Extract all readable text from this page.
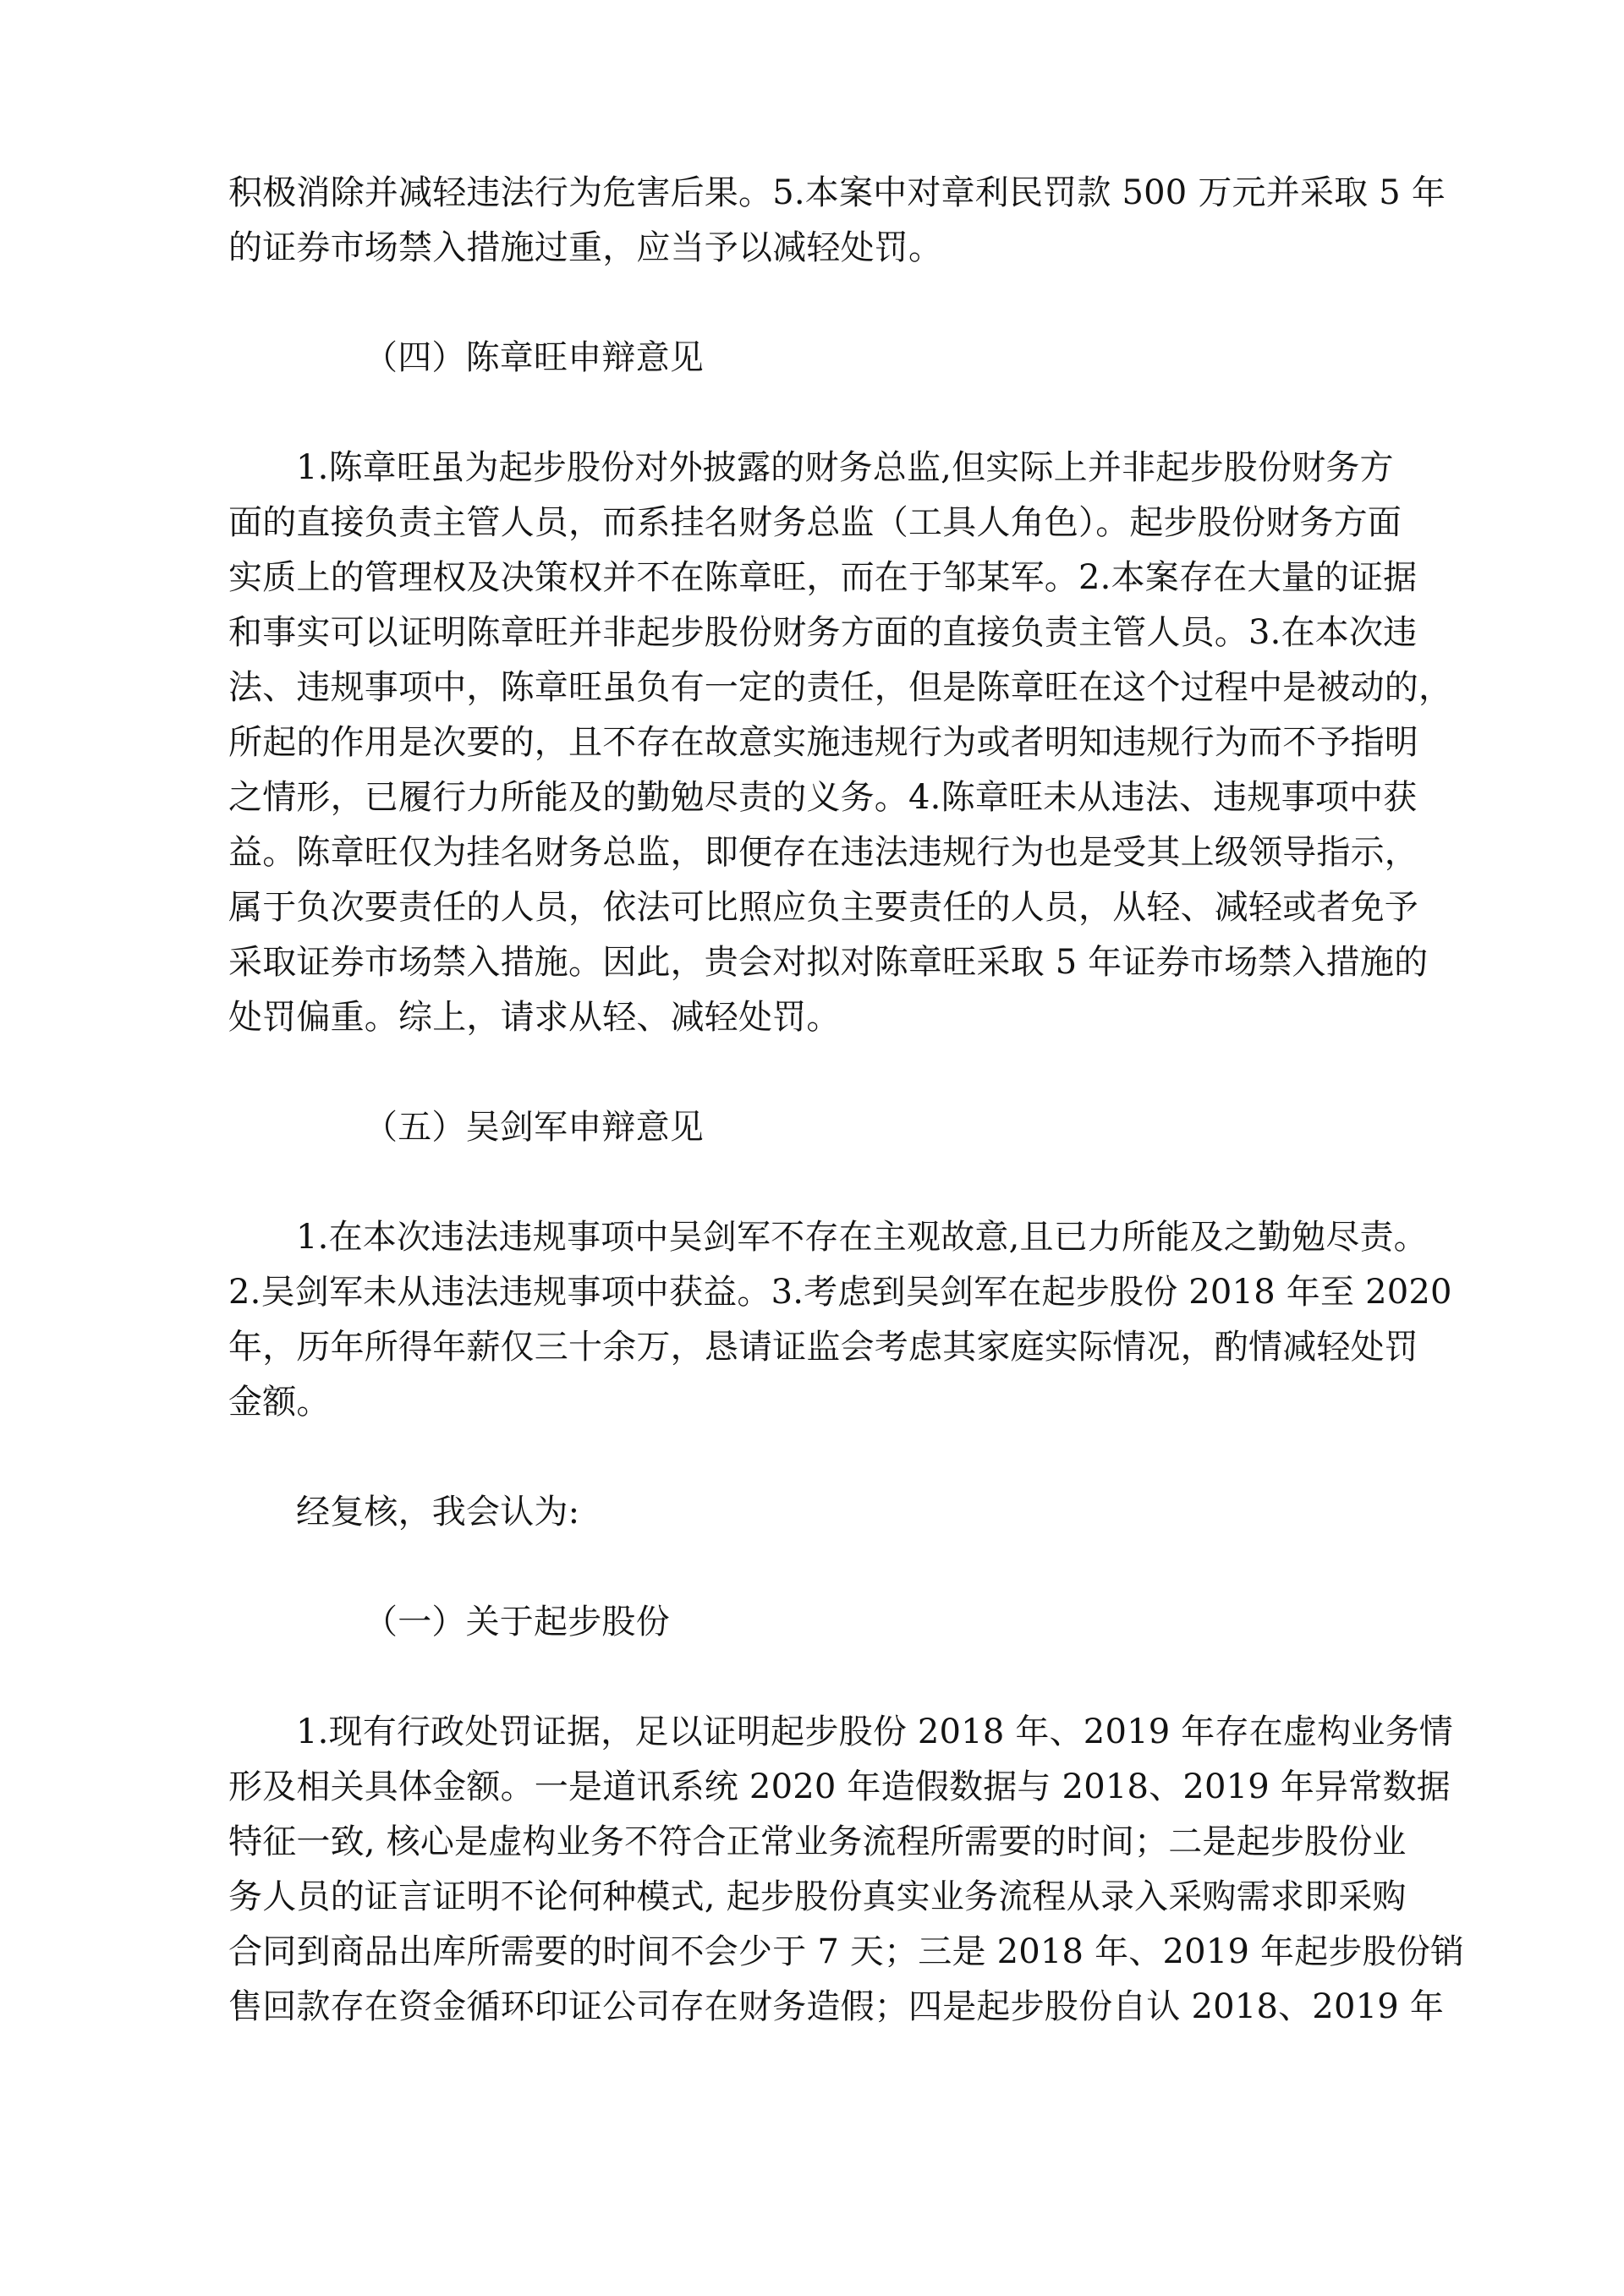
积极消除并减轻违法行为危害后果。5.本案中对章利民罚款 500 万元并采取 5 年
的证券市场禁入措施过重，应当予以减轻处罚。
（四）陈章旺申辩意见
1.陈章旺虽为起步股份对外披露的财务总监,但实际上并非起步股份财务方
面的直接负责主管人员，而系挂名财务总监（工具人角色）。起步股份财务方面
实质上的管理权及决策权并不在陈章旺，而在于邹某军。2.本案存在大量的证据
和事实可以证明陈章旺并非起步股份财务方面的直接负责主管人员。3.在本次违
法、违规事项中，陈章旺虽负有一定的责任，但是陈章旺在这个过程中是被动的，
所起的作用是次要的，且不存在故意实施违规行为或者明知违规行为而不予指明
之情形，已履行力所能及的勤勉尽责的义务。4.陈章旺未从违法、违规事项中获
益。陈章旺仅为挂名财务总监，即便存在违法违规行为也是受其上级领导指示，
属于负次要责任的人员，依法可比照应负主要责任的人员，从轻、减轻或者免予
采取证券市场禁入措施。因此，贵会对拟对陈章旺采取 5 年证券市场禁入措施的
处罚偏重。综上，请求从轻、减轻处罚。
（五）吴剑军申辩意见
1.在本次违法违规事项中吴剑军不存在主观故意,且已力所能及之勤勉尽责。
2.吴剑军未从违法违规事项中获益。3.考虑到吴剑军在起步股份 2018 年至 2020
年，历年所得年薪仅三十余万，恳请证监会考虑其家庭实际情况，酌情减轻处罚
金额。
经复核，我会认为:
（一）关于起步股份
1.现有行政处罚证据，足以证明起步股份 2018 年、2019 年存在虚构业务情
形及相关具体金额。一是道讯系统 2020 年造假数据与 2018、2019 年异常数据
特征一致, 核心是虚构业务不符合正常业务流程所需要的时间；二是起步股份业
务人员的证言证明不论何种模式, 起步股份真实业务流程从录入采购需求即采购
合同到商品出库所需要的时间不会少于 7 天；三是 2018 年、2019 年起步股份销
售回款存在资金循环印证公司存在财务造假；四是起步股份自认 2018、2019 年
